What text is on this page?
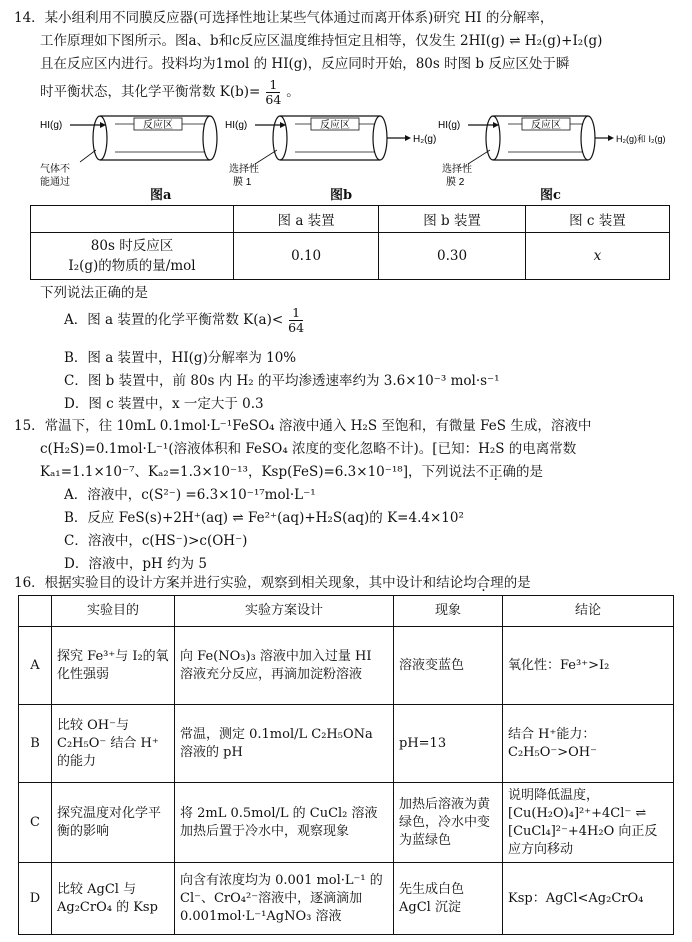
14．某小组利用不同膜反应器(可选择性地让某些气体通过而离开体系)研究 HI 的分解率，
工作原理如下图所示。图a、b和c反应区温度维持恒定且相等，仅发生 2HI(g) ⇌ H₂(g)+I₂(g)
且在反应区内进行。投料均为1mol 的 HI(g)，反应同时开始，80s 时图 b 反应区处于瞬
时平衡状态，其化学平衡常数 $K(b)= \frac{1}{64}$ 。
HI(g)	反应区
气体不
能通过
图a
HI(g)	反应区
H₂(g)
选择性
膜 1
图b
HI(g)	反应区
H₂(g)和 I₂(g)
选择性
膜 2
图c
	图 a 装置	图 b 装置	图 c 装置

80s 时反应区
I₂(g)的物质的量/mol	0.10	0.30	x
下列说法正确的是
A．图 a 装置的化学平衡常数 $K(a)< \frac{1}{64}$
B．图 a 装置中，HI(g)分解率为 10%
C．图 b 装置中，前 80s 内 H₂ 的平均渗透速率约为 3.6×10⁻³ mol·s⁻¹
D．图 c 装置中，x 一定大于 0.3
15．常温下，往 10mL 0.1mol·L⁻¹FeSO₄ 溶液中通入 H₂S 至饱和，有微量 FeS 生成，溶液中
c(H₂S)=0.1mol·L⁻¹(溶液体积和 FeSO₄ 浓度的变化忽略不计)。[已知：H₂S 的电离常数
Kₐ₁=1.1×10⁻⁷、Kₐ₂=1.3×10⁻¹³，Ksp(FeS)=6.3×10⁻¹⁸]，下列说法不正确的是
A．溶液中，c(S²⁻) =6.3×10⁻¹⁷mol·L⁻¹
B．反应 FeS(s)+2H⁺(aq) ⇌ Fe²⁺(aq)+H₂S(aq)的 K=4.4×10²
C．溶液中，c(HS⁻)>c(OH⁻)
D．溶液中，pH 约为 5
16．根据实验目的设计方案并进行实验，观察到相关现象，其中设计和结论均合理的是
	实验目的	实验方案设计	现象	结论
A	探究 Fe³⁺与 I₂的氧化性强弱	向 Fe(NO₃)₃ 溶液中加入过量 HI 溶液充分反应，再滴加淀粉溶液	溶液变蓝色	氧化性：Fe³⁺>I₂
B	比较 OH⁻与 C₂H₅O⁻ 结合 H⁺的能力	常温，测定 0.1mol/L C₂H₅ONa 溶液的 pH	pH=13	结合 H⁺能力：C₂H₅O⁻>OH⁻
C	探究温度对化学平衡的影响	将 2mL 0.5mol/L 的 CuCl₂ 溶液加热后置于冷水中，观察现象	加热后溶液为黄绿色，冷水中变为蓝绿色	说明降低温度，[Cu(H₂O)₄]²⁺+4Cl⁻ ⇌ [CuCl₄]²⁻+4H₂O 向正反应方向移动
D	比较 AgCl 与 Ag₂CrO₄ 的 Ksp	向含有浓度均为 0.001 mol·L⁻¹ 的 Cl⁻、CrO₄²⁻溶液中，逐滴滴加 0.001mol·L⁻¹AgNO₃ 溶液	先生成白色 AgCl 沉淀	Ksp：AgCl<Ag₂CrO₄
